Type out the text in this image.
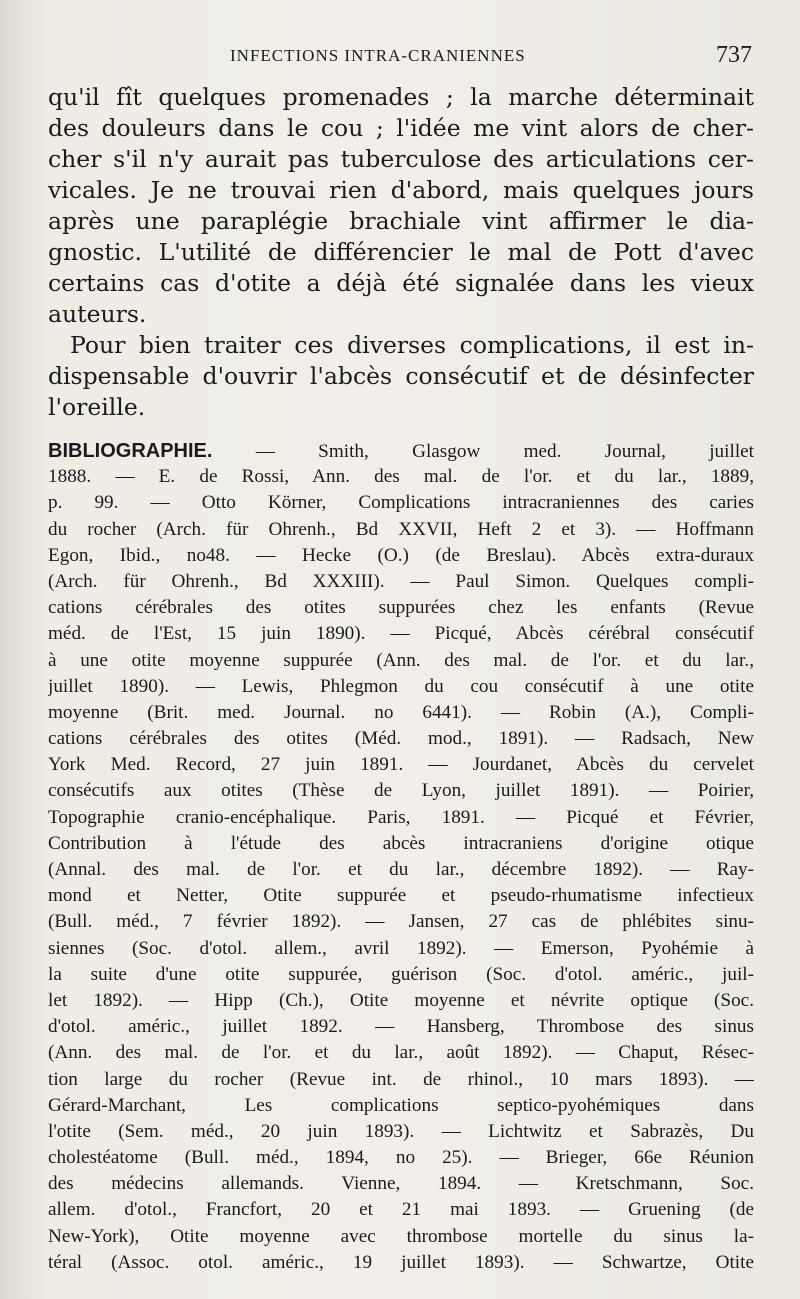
INFECTIONS INTRA-CRANIENNES	737
qu'il fît quelques promenades ; la marche déterminait
des douleurs dans le cou ; l'idée me vint alors de cher-
cher s'il n'y aurait pas tuberculose des articulations cer-
vicales. Je ne trouvai rien d'abord, mais quelques jours
après une paraplégie brachiale vint affirmer le dia-
gnostic. L'utilité de différencier le mal de Pott d'avec
certains cas d'otite a déjà été signalée dans les vieux
auteurs.
Pour bien traiter ces diverses complications, il est in-
dispensable d'ouvrir l'abcès consécutif et de désinfecter
l'oreille.
BIBLIOGRAPHIE. — Smith, Glasgow med. Journal, juillet
1888. — E. de Rossi, Ann. des mal. de l'or. et du lar., 1889,
p. 99. — Otto Körner, Complications intracraniennes des caries
du rocher (Arch. für Ohrenh., Bd XXVII, Heft 2 et 3). — Hoffmann
Egon, Ibid., no48. — Hecke (O.) (de Breslau). Abcès extra-duraux
(Arch. für Ohrenh., Bd XXXIII). — Paul Simon. Quelques compli-
cations cérébrales des otites suppurées chez les enfants (Revue
méd. de l'Est, 15 juin 1890). — Picqué, Abcès cérébral consécutif
à une otite moyenne suppurée (Ann. des mal. de l'or. et du lar.,
juillet 1890). — Lewis, Phlegmon du cou consécutif à une otite
moyenne (Brit. med. Journal. no 6441). — Robin (A.), Compli-
cations cérébrales des otites (Méd. mod., 1891). — Radsach, New
York Med. Record, 27 juin 1891. — Jourdanet, Abcès du cervelet
consécutifs aux otites (Thèse de Lyon, juillet 1891). — Poirier,
Topographie cranio-encéphalique. Paris, 1891. — Picqué et Février,
Contribution à l'étude des abcès intracraniens d'origine otique
(Annal. des mal. de l'or. et du lar., décembre 1892). — Ray-
mond et Netter, Otite suppurée et pseudo-rhumatisme infectieux
(Bull. méd., 7 février 1892). — Jansen, 27 cas de phlébites sinu-
siennes (Soc. d'otol. allem., avril 1892). — Emerson, Pyohémie à
la suite d'une otite suppurée, guérison (Soc. d'otol. améric., juil-
let 1892). — Hipp (Ch.), Otite moyenne et névrite optique (Soc.
d'otol. améric., juillet 1892. — Hansberg, Thrombose des sinus
(Ann. des mal. de l'or. et du lar., août 1892). — Chaput, Résec-
tion large du rocher (Revue int. de rhinol., 10 mars 1893). —
Gérard-Marchant, Les complications septico-pyohémiques dans
l'otite (Sem. méd., 20 juin 1893). — Lichtwitz et Sabrazès, Du
cholestéatome (Bull. méd., 1894, no 25). — Brieger, 66e Réunion
des médecins allemands. Vienne, 1894. — Kretschmann, Soc.
allem. d'otol., Francfort, 20 et 21 mai 1893. — Gruening (de
New-York), Otite moyenne avec thrombose mortelle du sinus la-
téral (Assoc. otol. améric., 19 juillet 1893). — Schwartze, Otite
